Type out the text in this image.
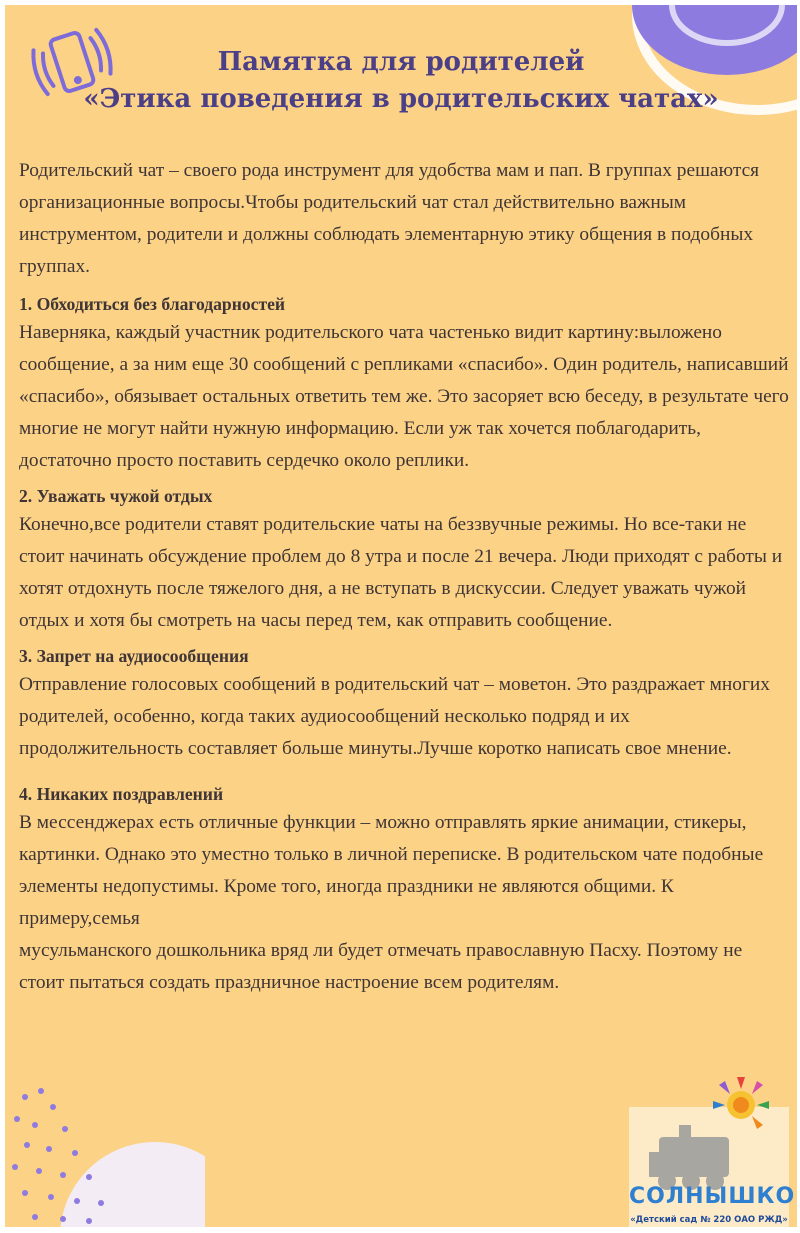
Памятка для родителей
«Этика поведения в родительских чатах»

Родительский чат – своего рода инструмент для удобства мам и пап. В группах решаются организационные вопросы.Чтобы родительский чат стал действительно важным инструментом, родители и должны соблюдать элементарную этику общения в подобных группах.

1. Обходиться без благодарностей

Наверняка, каждый участник родительского чата частенько видит картину:выложено сообщение, а за ним еще 30 сообщений с репликами «спасибо». Один родитель, написавший «спасибо», обязывает остальных ответить тем же. Это засоряет всю беседу, в результате чего многие не могут найти нужную информацию. Если уж так хочется поблагодарить, достаточно просто поставить сердечко около реплики.

2. Уважать чужой отдых

Конечно,все родители ставят родительские чаты на беззвучные режимы. Но все-таки не стоит начинать обсуждение проблем до 8 утра и после 21 вечера. Люди приходят с работы и хотят отдохнуть после тяжелого дня, а не вступать в дискуссии. Следует уважать чужой отдых и хотя бы смотреть на часы перед тем, как отправить сообщение.

3. Запрет на аудиосообщения

Отправление голосовых сообщений в родительский чат – моветон. Это раздражает многих родителей, особенно, когда таких аудиосообщений несколько подряд и их продолжительность составляет больше минуты.Лучше коротко написать свое мнение.

4. Никаких поздравлений

В мессенджерах есть отличные функции – можно отправлять яркие анимации, стикеры, картинки. Однако это уместно только в личной переписке. В родительском чате подобные элементы недопустимы. Кроме того, иногда праздники не являются общими. К примеру,семья

мусульманского дошкольника вряд ли будет отмечать православную Пасху. Поэтому не стоит пытаться создать праздничное настроение всем родителям.

СОЛНЫШКО
«Детский сад № 220 ОАО РЖД»
